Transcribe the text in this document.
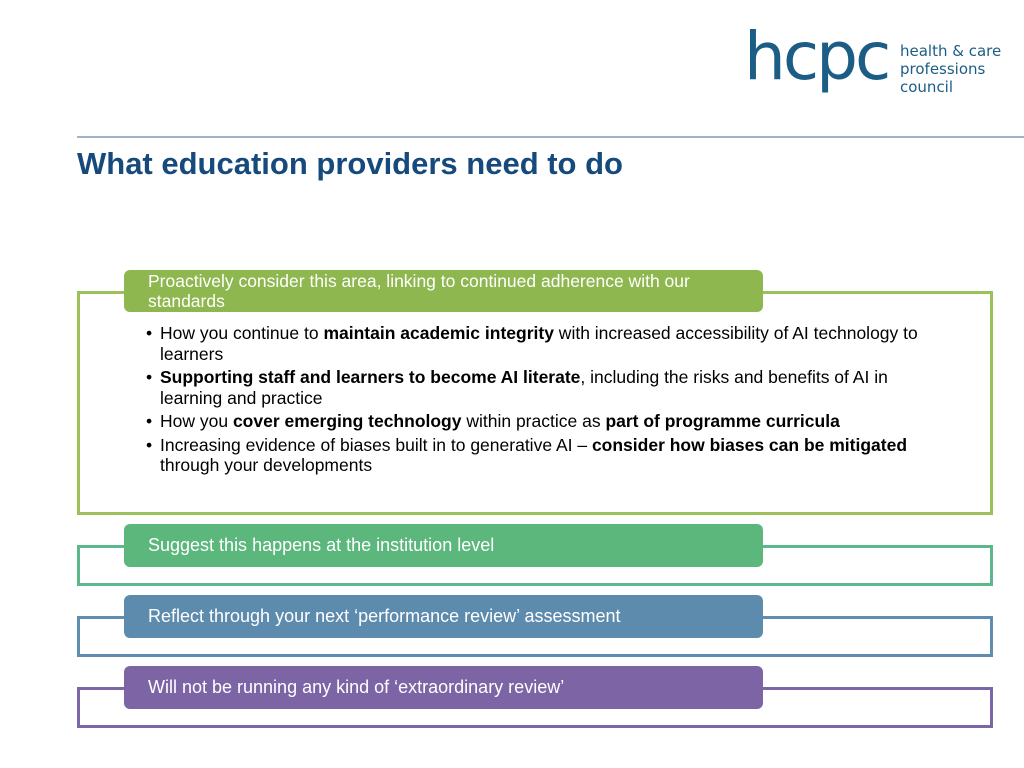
hcpc health & care
professions
council
What education providers need to do
Proactively consider this area, linking to continued adherence with our standards
• How you continue to maintain academic integrity with increased accessibility of AI technology to learners
• Supporting staff and learners to become AI literate, including the risks and benefits of AI in learning and practice
• How you cover emerging technology within practice as part of programme curricula
• Increasing evidence of biases built in to generative AI – consider how biases can be mitigated through your developments
Suggest this happens at the institution level
Reflect through your next ‘performance review’ assessment
Will not be running any kind of ‘extraordinary review’
